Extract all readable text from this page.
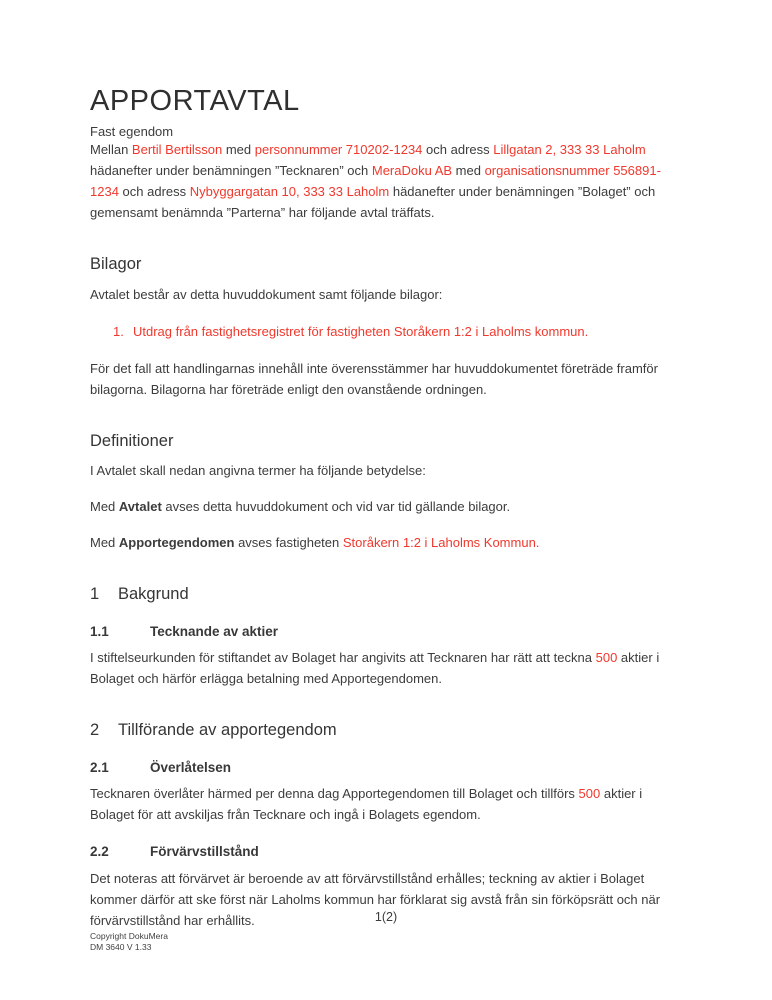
APPORTAVTAL

Fast egendom

Mellan Bertil Bertilsson med personnummer 710202-1234 och adress Lillgatan 2, 333 33 Laholm hädanefter under benämningen ”Tecknaren” och MeraDoku AB med organisationsnummer 556891-1234 och adress Nybyggargatan 10, 333 33 Laholm hädanefter under benämningen ”Bolaget” och gemensamt benämnda ”Parterna” har följande avtal träffats.

Bilagor

Avtalet består av detta huvuddokument samt följande bilagor:

1. Utdrag från fastighetsregistret för fastigheten Storåkern 1:2 i Laholms kommun.

För det fall att handlingarnas innehåll inte överensstämmer har huvuddokumentet företräde framför bilagorna. Bilagorna har företräde enligt den ovanstående ordningen.

Definitioner

I Avtalet skall nedan angivna termer ha följande betydelse:

Med Avtalet avses detta huvuddokument och vid var tid gällande bilagor.

Med Apportegendomen avses fastigheten Storåkern 1:2 i Laholms Kommun.

1	Bakgrund
1.1	Tecknande av aktier

I stiftelseurkunden för stiftandet av Bolaget har angivits att Tecknaren har rätt att teckna 500 aktier i Bolaget och härför erlägga betalning med Apportegendomen.

2	Tillförande av apportegendom
2.1	Överlåtelsen

Tecknaren överlåter härmed per denna dag Apportegendomen till Bolaget och tillförs 500 aktier i Bolaget för att avskiljas från Tecknare och ingå i Bolagets egendom.

2.2	Förvärvstillstånd

Det noteras att förvärvet är beroende av att förvärvstillstånd erhålles; teckning av aktier i Bolaget kommer därför att ske först när Laholms kommun har förklarat sig avstå från sin förköpsrätt och när förvärvstillstånd har erhållits.	1(2)
Copyright DokuMera
DM 3640 V 1.33
